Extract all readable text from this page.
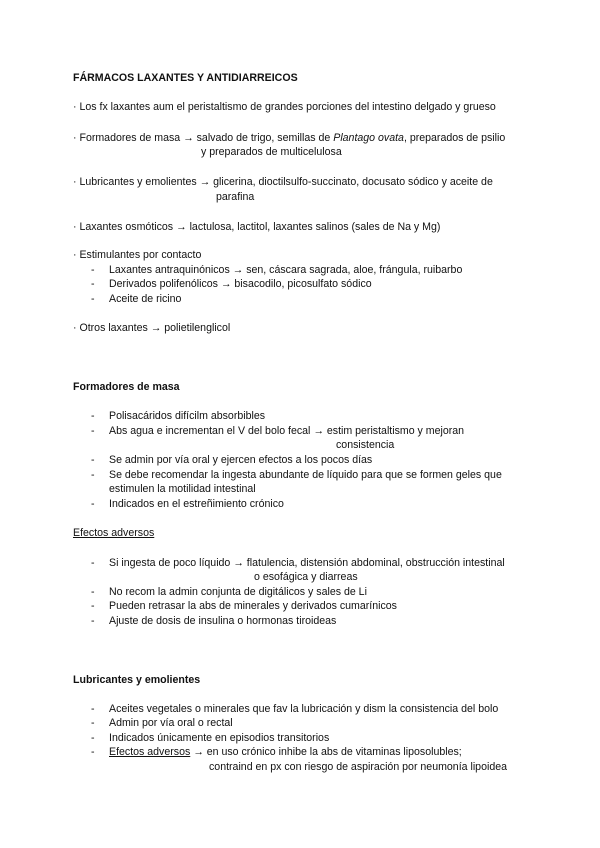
FÁRMACOS LAXANTES Y ANTIDIARREICOS
· Los fx laxantes aum el peristaltismo de grandes porciones del intestino delgado y grueso
· Formadores de masa → salvado de trigo, semillas de Plantago ovata, preparados de psilio
y preparados de multicelulosa
· Lubricantes y emolientes → glicerina, dioctilsulfo-succinato, docusato sódico y aceite de
parafina
· Laxantes osmóticos → lactulosa, lactitol, laxantes salinos (sales de Na y Mg)
· Estimulantes por contacto
- Laxantes antraquinónicos → sen, cáscara sagrada, aloe, frángula, ruibarbo
- Derivados polifenólicos → bisacodilo, picosulfato sódico
- Aceite de ricino
· Otros laxantes → polietilenglicol
Formadores de masa
- Polisacáridos difícilm absorbibles
- Abs agua e incrementan el V del bolo fecal → estim peristaltismo y mejoran
consistencia
- Se admin por vía oral y ejercen efectos a los pocos días
- Se debe recomendar la ingesta abundante de líquido para que se formen geles que
estimulen la motilidad intestinal
- Indicados en el estreñimiento crónico
Efectos adversos
- Si ingesta de poco líquido → flatulencia, distensión abdominal, obstrucción intestinal
o esofágica y diarreas
- No recom la admin conjunta de digitálicos y sales de Li
- Pueden retrasar la abs de minerales y derivados cumarínicos
- Ajuste de dosis de insulina o hormonas tiroideas
Lubricantes y emolientes
- Aceites vegetales o minerales que fav la lubricación y dism la consistencia del bolo
- Admin por vía oral o rectal
- Indicados únicamente en episodios transitorios
- Efectos adversos → en uso crónico inhibe la abs de vitaminas liposolubles;
contraind en px con riesgo de aspiración por neumonía lipoidea
